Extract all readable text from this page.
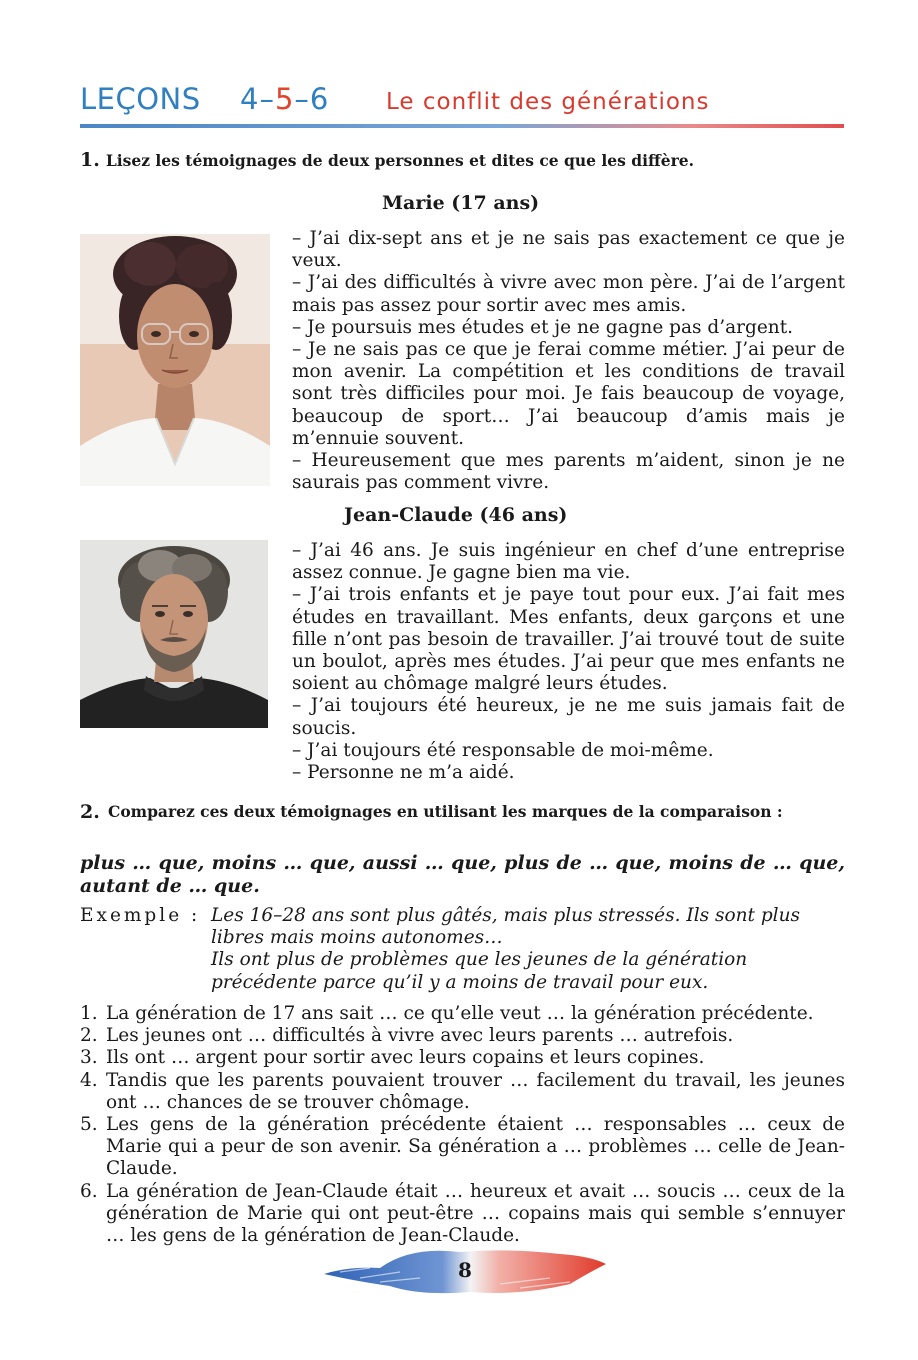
LEÇONS 4–5–6 Le conflit des générations
1. Lisez les témoignages de deux personnes et dites ce que les diffère.
Marie (17 ans)

– J’ai dix-sept ans et je ne sais pas exactement ce que je veux.

– J’ai des difficultés à vivre avec mon père. J’ai de l’argent mais pas assez pour sortir avec mes amis.

– Je poursuis mes études et je ne gagne pas d’argent.

– Je ne sais pas ce que je ferai comme métier. J’ai peur de mon avenir. La compétition et les conditions de travail sont très difficiles pour moi. Je fais beaucoup de voyage, beaucoup de sport… J’ai beaucoup d’amis mais je m’ennuie souvent.

– Heureusement que mes parents m’aident, sinon je ne saurais pas comment vivre.

Jean-Claude (46 ans)

– J’ai 46 ans. Je suis ingénieur en chef d’une entreprise assez connue. Je gagne bien ma vie.

– J’ai trois enfants et je paye tout pour eux. J’ai fait mes études en travaillant. Mes enfants, deux garçons et une fille n’ont pas besoin de travailler. J’ai trouvé tout de suite un boulot, après mes études. J’ai peur que mes enfants ne soient au chômage malgré leurs études.

– J’ai toujours été heureux, je ne me suis jamais fait de soucis.

– J’ai toujours été responsable de moi-même.

– Personne ne m’a aidé.

2. Comparez ces deux témoignages en utilisant les marques de la comparaison :
plus … que, moins … que, aussi … que, plus de … que, moins de … que, autant de … que.
Exemple : Les 16–28 ans sont plus gâtés, mais plus stressés. Ils sont plus libres mais moins autonomes…

Ils ont plus de problèmes que les jeunes de la génération précédente parce qu’il y a moins de travail pour eux.

1. La génération de 17 ans sait … ce qu’elle veut … la génération précédente.
2. Les jeunes ont … difficultés à vivre avec leurs parents … autrefois.
3. Ils ont … argent pour sortir avec leurs copains et leurs copines.
4. Tandis que les parents pouvaient trouver … facilement du travail, les jeunes ont … chances de se trouver chômage.
5. Les gens de la génération précédente étaient … responsables … ceux de Marie qui a peur de son avenir. Sa génération a … problèmes … celle de Jean-Claude.
6. La génération de Jean-Claude était … heureux et avait … soucis … ceux de la génération de Marie qui ont peut-être … copains mais qui semble s’ennuyer … les gens de la génération de Jean-Claude.
8
